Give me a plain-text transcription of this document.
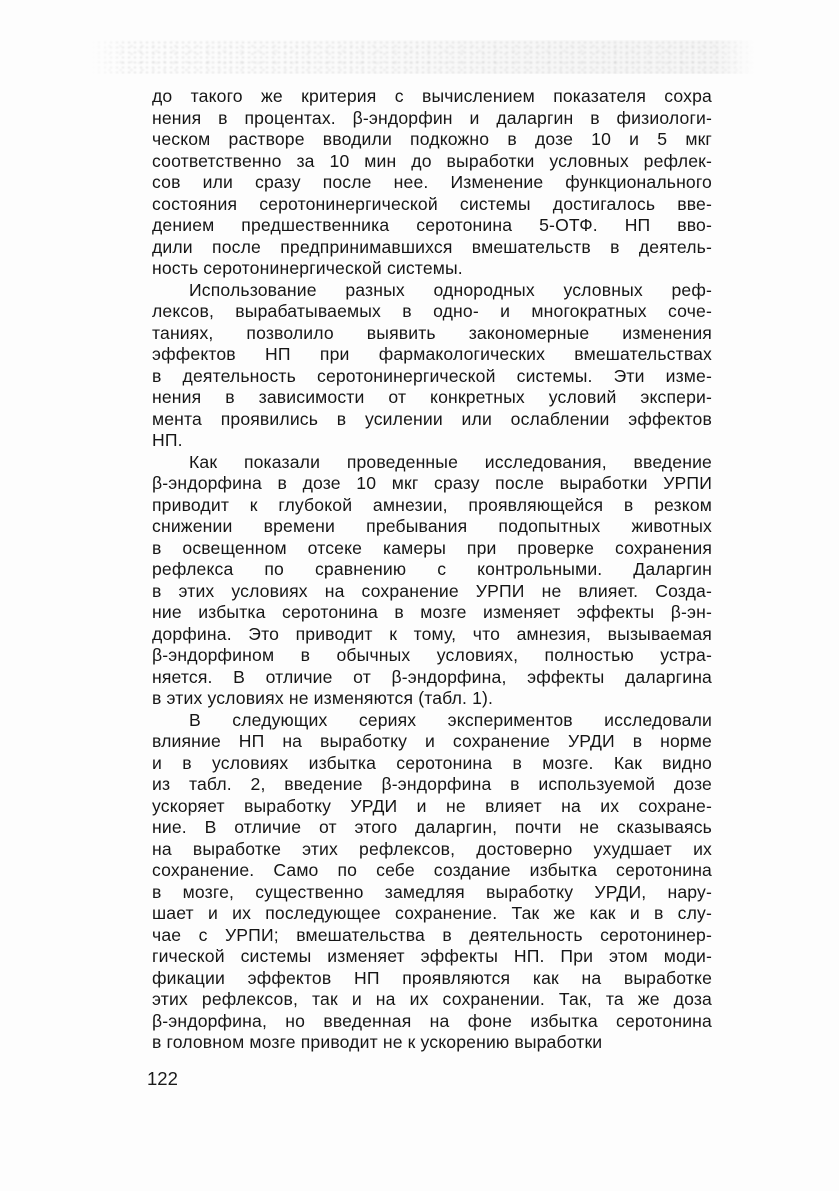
до такого же критерия с вычислением показателя сохра
нения в процентах. β-эндорфин и даларгин в физиологи-
ческом растворе вводили подкожно в дозе 10 и 5 мкг
соответственно за 10 мин до выработки условных рефлек-
сов или сразу после нее. Изменение функционального
состояния серотонинергической системы достигалось вве-
дением предшественника серотонина 5-ОТФ. НП вво-
дили после предпринимавшихся вмешательств в деятель-
ность серотонинергической системы.
Использование разных однородных условных реф-
лексов, вырабатываемых в одно- и многократных соче-
таниях, позволило выявить закономерные изменения
эффектов НП при фармакологических вмешательствах
в деятельность серотонинергической системы. Эти изме-
нения в зависимости от конкретных условий экспери-
мента проявились в усилении или ослаблении эффектов
НП.
Как показали проведенные исследования, введение
β-эндорфина в дозе 10 мкг сразу после выработки УРПИ
приводит к глубокой амнезии, проявляющейся в резком
снижении времени пребывания подопытных животных
в освещенном отсеке камеры при проверке сохранения
рефлекса по сравнению с контрольными. Даларгин
в этих условиях на сохранение УРПИ не влияет. Созда-
ние избытка серотонина в мозге изменяет эффекты β-эн-
дорфина. Это приводит к тому, что амнезия, вызываемая
β-эндорфином в обычных условиях, полностью устра-
няется. В отличие от β-эндорфина, эффекты даларгина
в этих условиях не изменяются (табл. 1).
В следующих сериях экспериментов исследовали
влияние НП на выработку и сохранение УРДИ в норме
и в условиях избытка серотонина в мозге. Как видно
из табл. 2, введение β-эндорфина в используемой дозе
ускоряет выработку УРДИ и не влияет на их сохране-
ние. В отличие от этого даларгин, почти не сказываясь
на выработке этих рефлексов, достоверно ухудшает их
сохранение. Само по себе создание избытка серотонина
в мозге, существенно замедляя выработку УРДИ, нару-
шает и их последующее сохранение. Так же как и в слу-
чае с УРПИ; вмешательства в деятельность серотонинер-
гической системы изменяет эффекты НП. При этом моди-
фикации эффектов НП проявляются как на выработке
этих рефлексов, так и на их сохранении. Так, та же доза
β-эндорфина, но введенная на фоне избытка серотонина
в головном мозге приводит не к ускорению выработки
122
